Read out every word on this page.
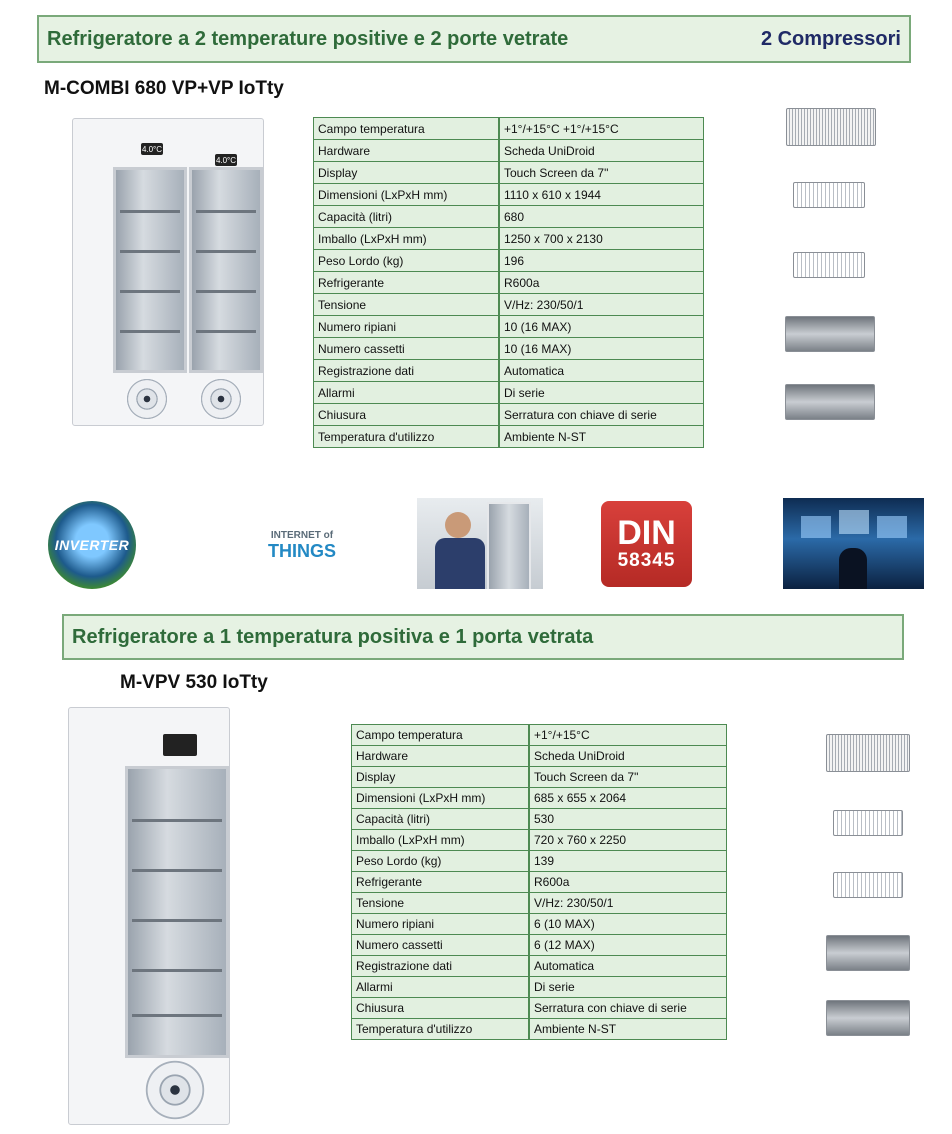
Refrigeratore a 2 temperature positive e 2 porte vetrate	2 Compressori
M-COMBI 680 VP+VP IoTty
4.0°C
4.0°C
Campo temperatura	+1°/+15°C +1°/+15°C
Hardware	Scheda UniDroid
Display	Touch Screen da 7"
Dimensioni (LxPxH mm)	1110 x 610 x 1944
Capacità (litri)	680
Imballo (LxPxH mm)	1250 x 700 x 2130
Peso Lordo (kg)	196
Refrigerante	R600a
Tensione	V/Hz: 230/50/1
Numero ripiani	10 (16 MAX)
Numero cassetti	10 (16 MAX)
Registrazione dati	Automatica
Allarmi	Di serie
Chiusura	Serratura con chiave di serie
Temperatura d'utilizzo	Ambiente N-ST
INVERTER
INTERNET of
THINGS	DIN
58345
Refrigeratore a 1 temperatura positiva e 1 porta vetrata
M-VPV 530 IoTty
Campo temperatura	+1°/+15°C
Hardware	Scheda UniDroid
Display	Touch Screen da 7"
Dimensioni (LxPxH mm)	685 x 655 x 2064
Capacità (litri)	530
Imballo (LxPxH mm)	720 x 760 x 2250
Peso Lordo (kg)	139
Refrigerante	R600a
Tensione	V/Hz: 230/50/1
Numero ripiani	6 (10 MAX)
Numero cassetti	6 (12 MAX)
Registrazione dati	Automatica
Allarmi	Di serie
Chiusura	Serratura con chiave di serie
Temperatura d'utilizzo	Ambiente N-ST
